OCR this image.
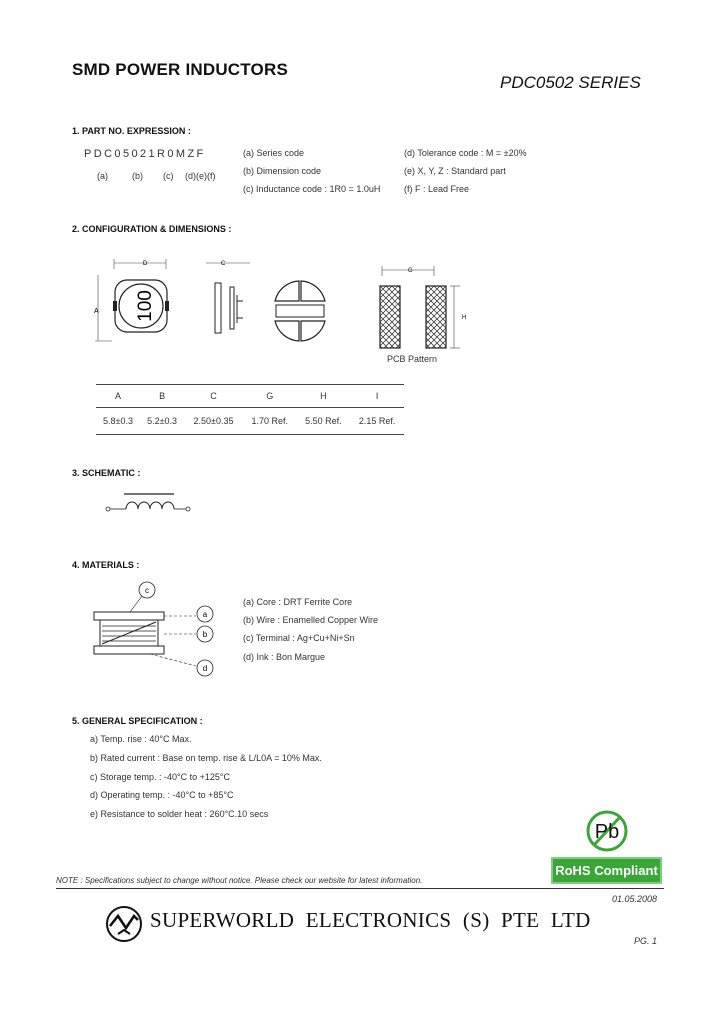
SMD POWER INDUCTORS
PDC0502 SERIES
1. PART NO. EXPRESSION :
PDC05021R0MZF
(a)	(b) (c) (d)(e)(f)
(a) Series code
(b) Dimension code
(c) Inductance code : 1R0 = 1.0uH
(d) Tolerance code : M = ±20%
(e) X, Y, Z : Standard part
(f) F : Lead Free
2. CONFIGURATION & DIMENSIONS :
100
D
A
C
G
H
PCB Pattern
A	B	C	G	H	I
5.8±0.3	5.2±0.3	2.50±0.35	1.70 Ref.	5.50 Ref.	2.15 Ref.
3. SCHEMATIC :
4. MATERIALS :
c
a
b
d
(a) Core : DRT Ferrite Core
(b) Wire : Enamelled Copper Wire
(c) Terminal : Ag+Cu+Ni+Sn
(d) Ink : Bon Margue
5. GENERAL SPECIFICATION :
a) Temp. rise : 40°C Max.
b) Rated current : Base on temp. rise & L/L0A = 10% Max.
c) Storage temp. : -40°C to +125°C
d) Operating temp. : -40°C to +85°C
e) Resistance to solder heat : 260°C.10 secs
Pb
RoHS Compliant
NOTE : Specifications subject to change without notice. Please check our website for latest information.
01.05.2008
SUPERWORLD ELECTRONICS (S) PTE LTD
PG. 1
